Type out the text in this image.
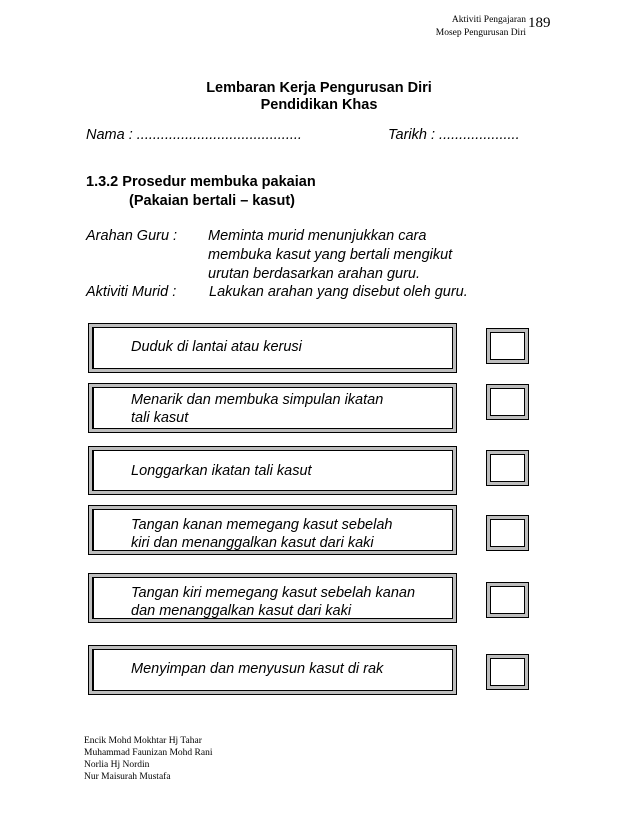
Aktiviti Pengajaran
Mosep Pengurusan Diri
189
Lembaran Kerja Pengurusan Diri
Pendidikan Khas
Nama : .........................................	Tarikh : ....................
1.3.2 Prosedur membuka pakaian
(Pakaian bertali – kasut)
Arahan Guru : Meminta murid menunjukkan cara
membuka kasut yang bertali mengikut
urutan berdasarkan arahan guru.
Aktiviti Murid : Lakukan arahan yang disebut oleh guru.
Duduk di lantai atau kerusi
Menarik dan membuka simpulan ikatan
tali kasut
Longgarkan ikatan tali kasut
Tangan kanan memegang kasut sebelah
kiri dan menanggalkan kasut dari kaki
Tangan kiri memegang kasut sebelah kanan
dan menanggalkan kasut dari kaki
Menyimpan dan menyusun kasut di rak
Encik Mohd Mokhtar Hj Tahar
Muhammad Faunizan Mohd Rani
Norlia Hj Nordin
Nur Maisurah Mustafa
